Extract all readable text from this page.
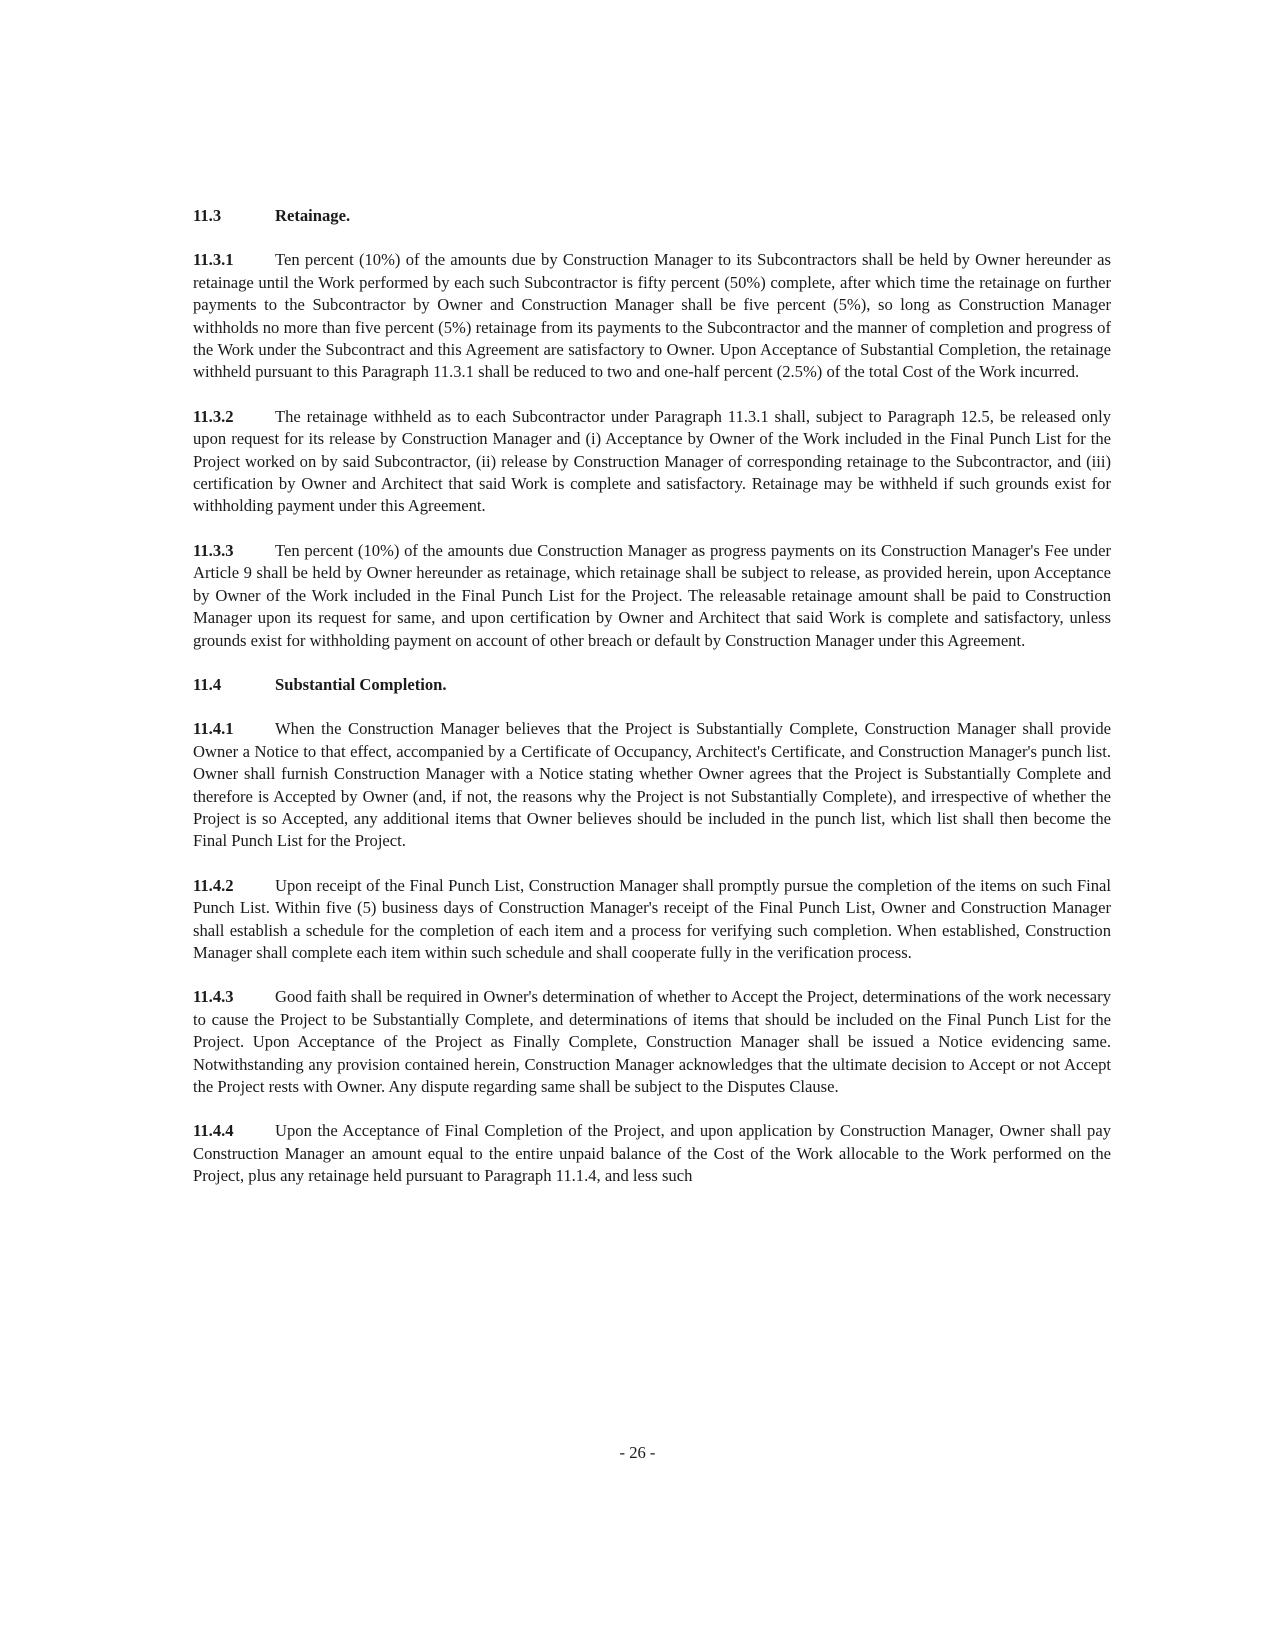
11.3	Retainage.

11.3.1 Ten percent (10%) of the amounts due by Construction Manager to its Subcontractors shall be held by Owner hereunder as retainage until the Work performed by each such Subcontractor is fifty percent (50%) complete, after which time the retainage on further payments to the Subcontractor by Owner and Construction Manager shall be five percent (5%), so long as Construction Manager withholds no more than five percent (5%) retainage from its payments to the Subcontractor and the manner of completion and progress of the Work under the Subcontract and this Agreement are satisfactory to Owner. Upon Acceptance of Substantial Completion, the retainage withheld pursuant to this Paragraph 11.3.1 shall be reduced to two and one-half percent (2.5%) of the total Cost of the Work incurred.

11.3.2 The retainage withheld as to each Subcontractor under Paragraph 11.3.1 shall, subject to Paragraph 12.5, be released only upon request for its release by Construction Manager and (i) Acceptance by Owner of the Work included in the Final Punch List for the Project worked on by said Subcontractor, (ii) release by Construction Manager of corresponding retainage to the Subcontractor, and (iii) certification by Owner and Architect that said Work is complete and satisfactory. Retainage may be withheld if such grounds exist for withholding payment under this Agreement.

11.3.3 Ten percent (10%) of the amounts due Construction Manager as progress payments on its Construction Manager's Fee under Article 9 shall be held by Owner hereunder as retainage, which retainage shall be subject to release, as provided herein, upon Acceptance by Owner of the Work included in the Final Punch List for the Project. The releasable retainage amount shall be paid to Construction Manager upon its request for same, and upon certification by Owner and Architect that said Work is complete and satisfactory, unless grounds exist for withholding payment on account of other breach or default by Construction Manager under this Agreement.

11.4	Substantial Completion.

11.4.1 When the Construction Manager believes that the Project is Substantially Complete, Construction Manager shall provide Owner a Notice to that effect, accompanied by a Certificate of Occupancy, Architect's Certificate, and Construction Manager's punch list. Owner shall furnish Construction Manager with a Notice stating whether Owner agrees that the Project is Substantially Complete and therefore is Accepted by Owner (and, if not, the reasons why the Project is not Substantially Complete), and irrespective of whether the Project is so Accepted, any additional items that Owner believes should be included in the punch list, which list shall then become the Final Punch List for the Project.

11.4.2 Upon receipt of the Final Punch List, Construction Manager shall promptly pursue the completion of the items on such Final Punch List. Within five (5) business days of Construction Manager's receipt of the Final Punch List, Owner and Construction Manager shall establish a schedule for the completion of each item and a process for verifying such completion. When established, Construction Manager shall complete each item within such schedule and shall cooperate fully in the verification process.

11.4.3 Good faith shall be required in Owner's determination of whether to Accept the Project, determinations of the work necessary to cause the Project to be Substantially Complete, and determinations of items that should be included on the Final Punch List for the Project. Upon Acceptance of the Project as Finally Complete, Construction Manager shall be issued a Notice evidencing same. Notwithstanding any provision contained herein, Construction Manager acknowledges that the ultimate decision to Accept or not Accept the Project rests with Owner. Any dispute regarding same shall be subject to the Disputes Clause.

11.4.4 Upon the Acceptance of Final Completion of the Project, and upon application by Construction Manager, Owner shall pay Construction Manager an amount equal to the entire unpaid balance of the Cost of the Work allocable to the Work performed on the Project, plus any retainage held pursuant to Paragraph 11.1.4, and less such

- 26 -
